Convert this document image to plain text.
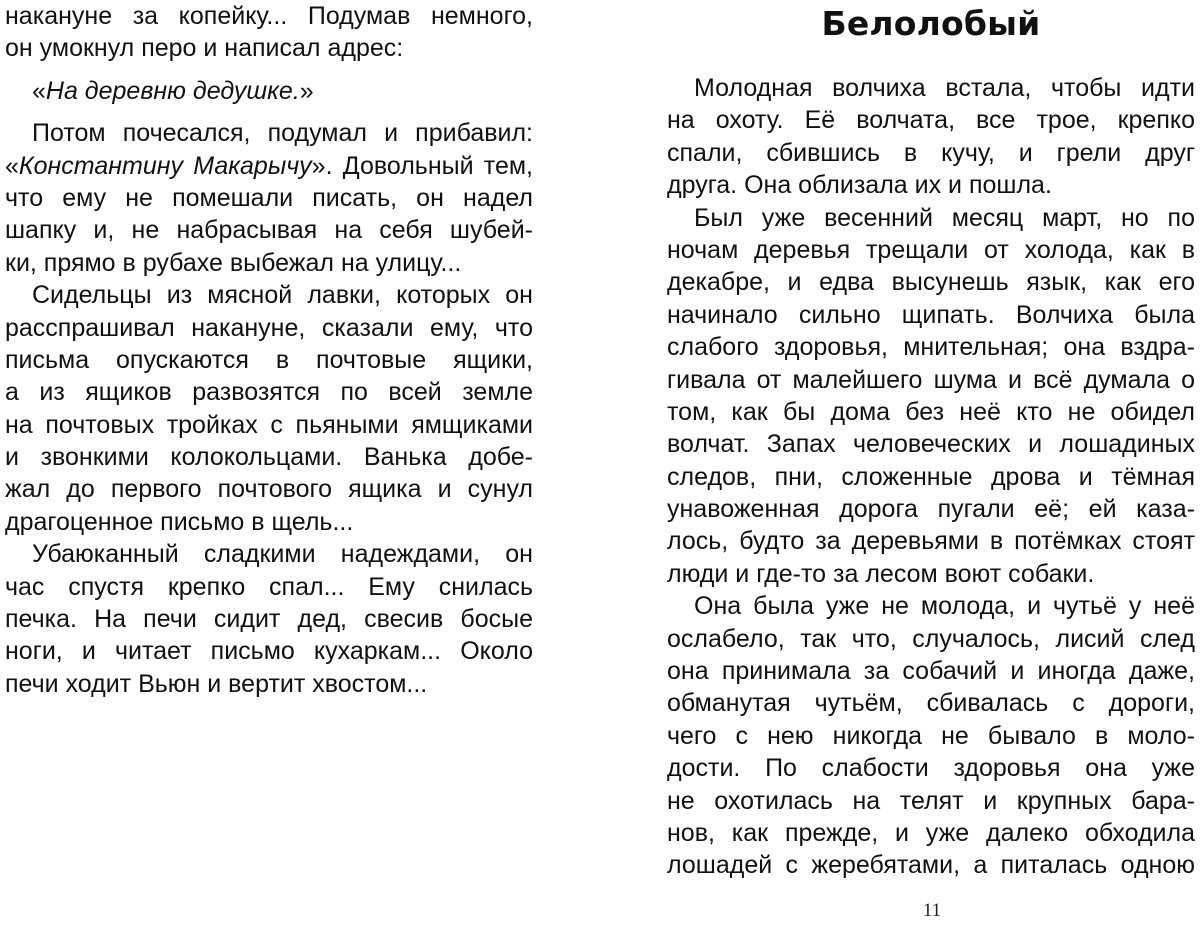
накануне за копейку... Подумав немного,
он умокнул перо и написал адрес:
«На деревню дедушке.»
Потом почесался, подумал и прибавил:
«Константину Макарычу». Довольный тем,
что ему не помешали писать, он надел
шапку и, не набрасывая на себя шубей-
ки, прямо в рубахе выбежал на улицу...
Сидельцы из мясной лавки, которых он
расспрашивал накануне, сказали ему, что
письма опускаются в почтовые ящики,
а из ящиков развозятся по всей земле
на почтовых тройках с пьяными ямщиками
и звонкими колокольцами. Ванька добе-
жал до первого почтового ящика и сунул
драгоценное письмо в щель...
Убаюканный сладкими надеждами, он
час спустя крепко спал... Ему снилась
печка. На печи сидит дед, свесив босые
ноги, и читает письмо кухаркам... Около
печи ходит Вьюн и вертит хвостом...
Белолобый
Молодная волчиха встала, чтобы идти
на охоту. Её волчата, все трое, крепко
спали, сбившись в кучу, и грели друг
друга. Она облизала их и пошла.
Был уже весенний месяц март, но по
ночам деревья трещали от холода, как в
декабре, и едва высунешь язык, как его
начинало сильно щипать. Волчиха была
слабого здоровья, мнительная; она вздра-
гивала от малейшего шума и всё думала о
том, как бы дома без неё кто не обидел
волчат. Запах человеческих и лошадиных
следов, пни, сложенные дрова и тёмная
унавоженная дорога пугали её; ей каза-
лось, будто за деревьями в потёмках стоят
люди и где-то за лесом воют собаки.
Она была уже не молода, и чутьё у неё
ослабело, так что, случалось, лисий след
она принимала за собачий и иногда даже,
обманутая чутьём, сбивалась с дороги,
чего с нею никогда не бывало в моло-
дости. По слабости здоровья она уже
не охотилась на телят и крупных бара-
нов, как прежде, и уже далеко обходила
лошадей с жеребятами, а питалась одною
11
